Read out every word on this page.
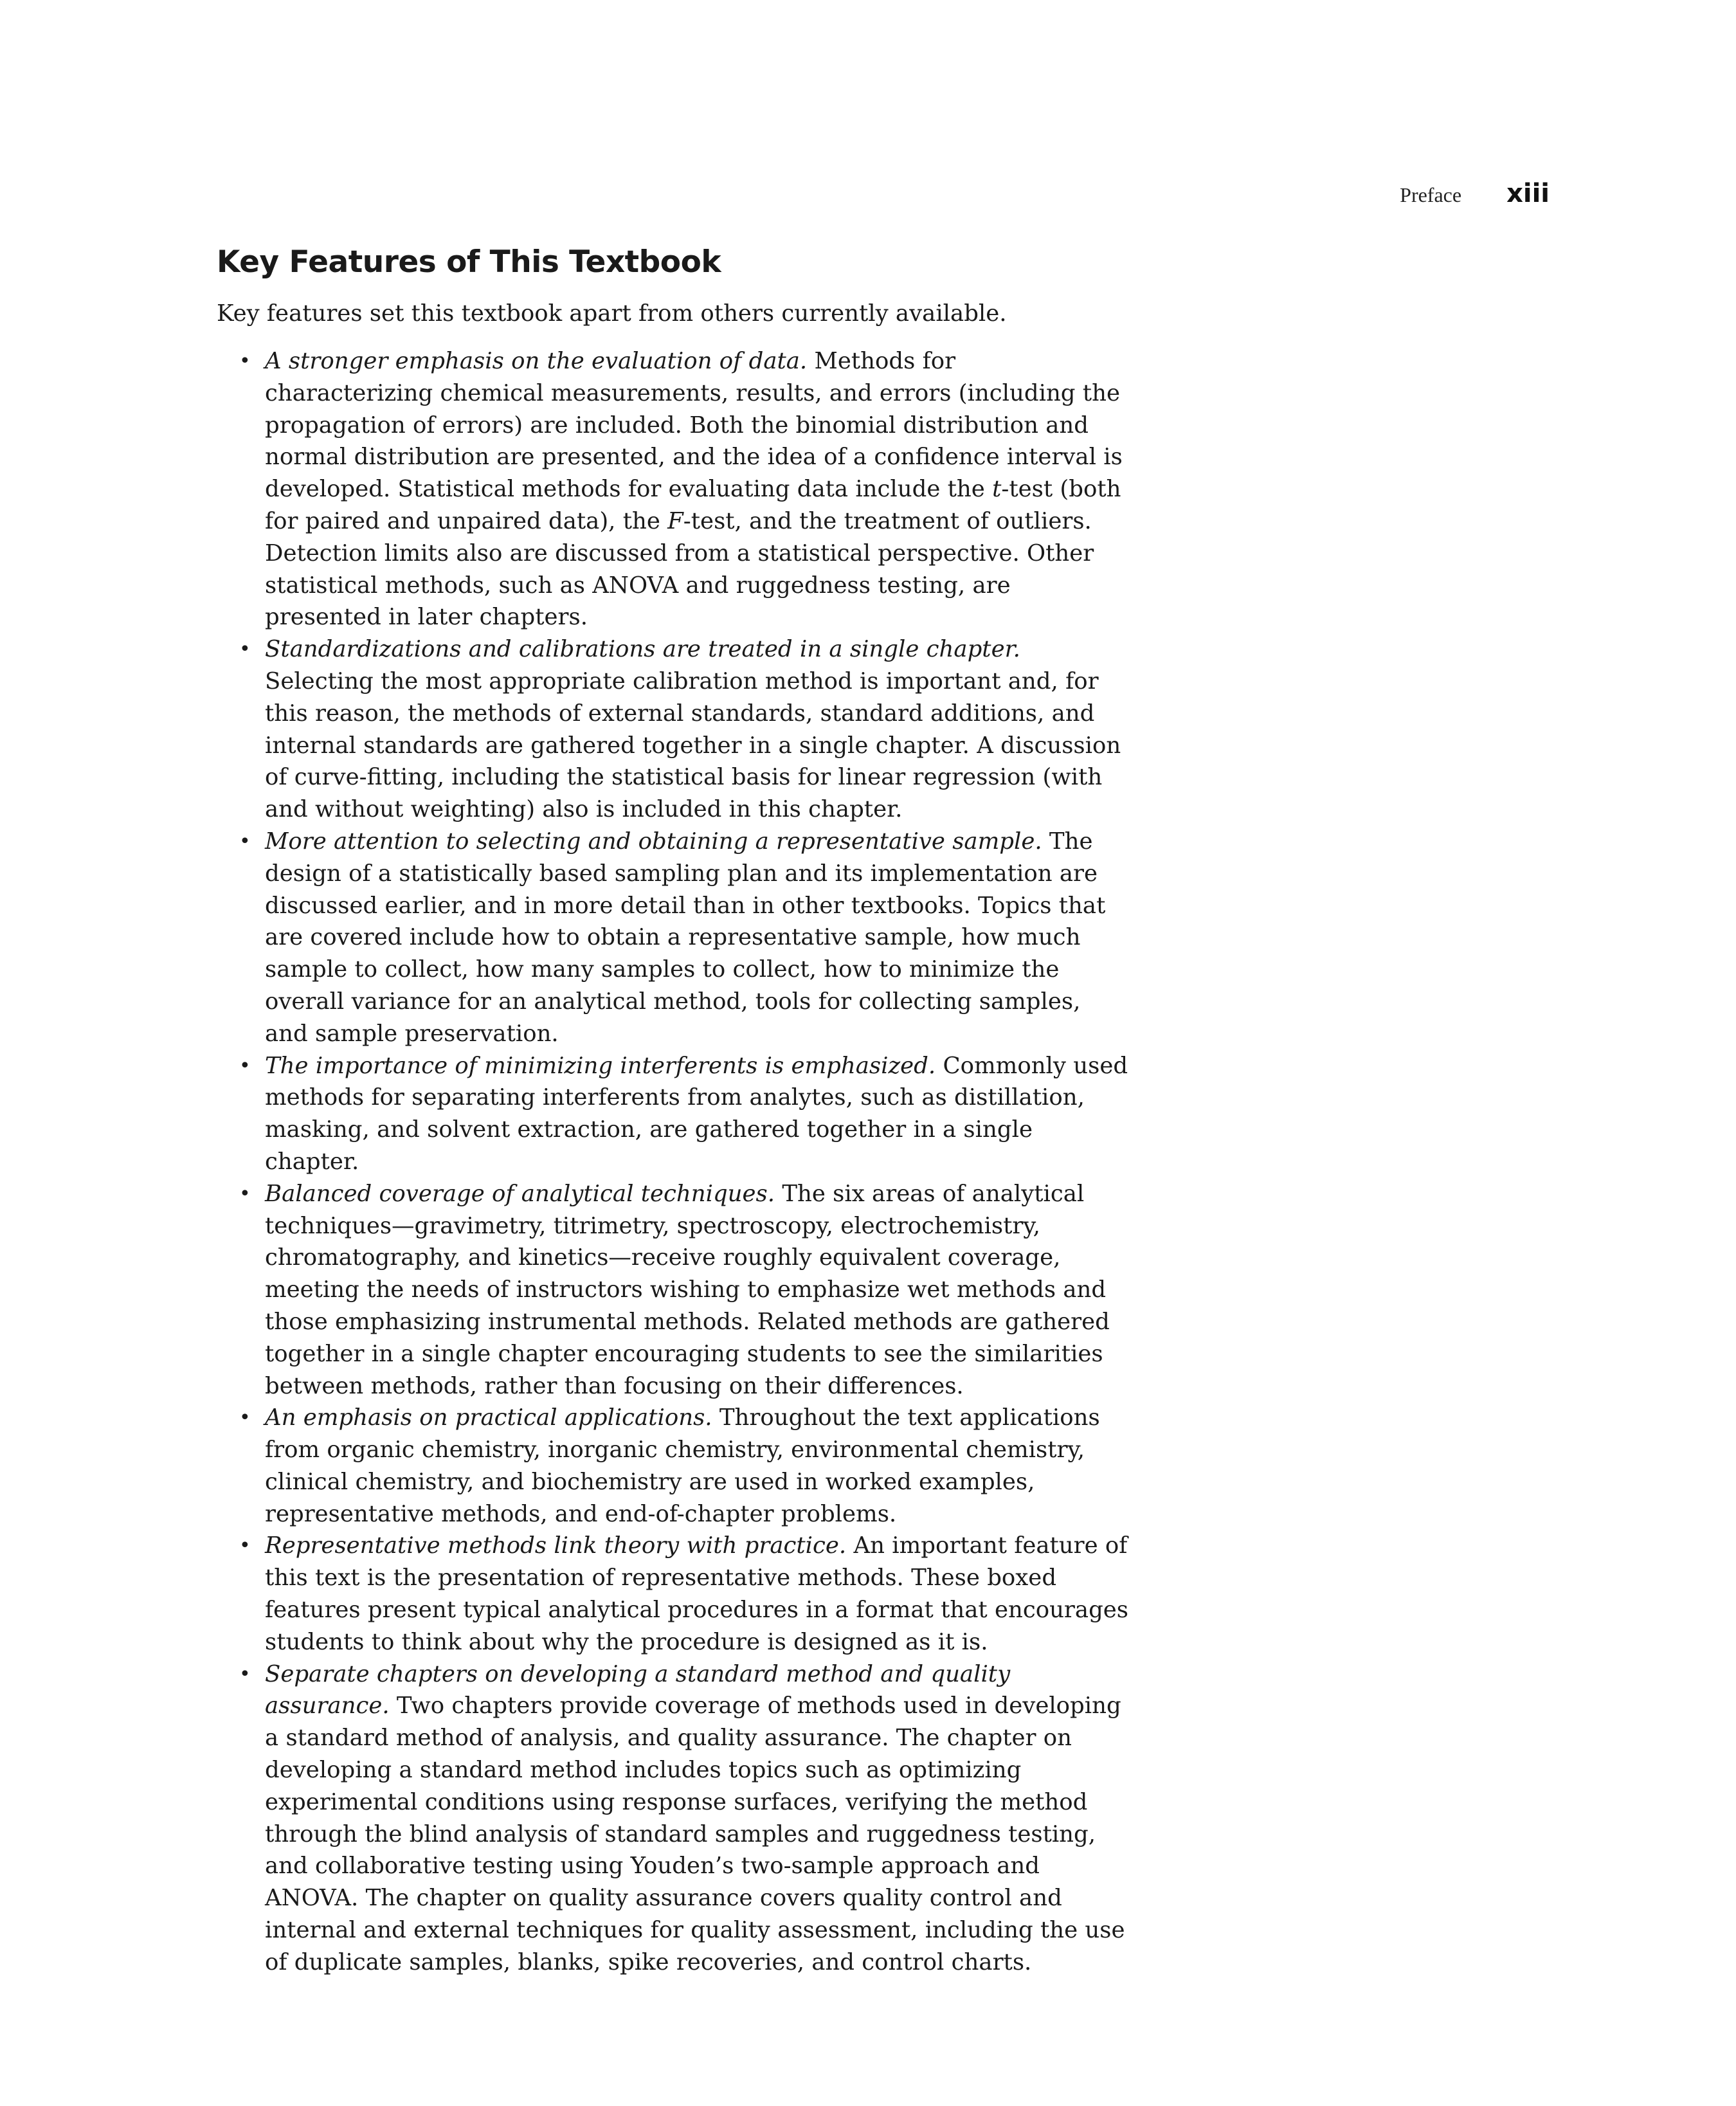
Preface xiii
Key Features of This Textbook

Key features set this textbook apart from others currently available.

• A stronger emphasis on the evaluation of data. Methods for characterizing chemical measurements, results, and errors (including the propagation of errors) are included. Both the binomial distribution and normal distribution are presented, and the idea of a confidence interval is developed. Statistical methods for evaluating data include the t-test (both for paired and unpaired data), the F-test, and the treatment of outliers. Detection limits also are discussed from a statistical perspective. Other statistical methods, such as ANOVA and ruggedness testing, are presented in later chapters.
• Standardizations and calibrations are treated in a single chapter. Selecting the most appropriate calibration method is important and, for this reason, the methods of external standards, standard additions, and internal standards are gathered together in a single chapter. A discussion of curve-fitting, including the statistical basis for linear regression (with and without weighting) also is included in this chapter.
• More attention to selecting and obtaining a representative sample. The design of a statistically based sampling plan and its implementation are discussed earlier, and in more detail than in other textbooks. Topics that are covered include how to obtain a representative sample, how much sample to collect, how many samples to collect, how to minimize the overall variance for an analytical method, tools for collecting samples, and sample preservation.
• The importance of minimizing interferents is emphasized. Commonly used methods for separating interferents from analytes, such as distillation, masking, and solvent extraction, are gathered together in a single chapter.
• Balanced coverage of analytical techniques. The six areas of analytical techniques—gravimetry, titrimetry, spectroscopy, electrochemistry, chromatography, and kinetics—receive roughly equivalent coverage, meeting the needs of instructors wishing to emphasize wet methods and those emphasizing instrumental methods. Related methods are gathered together in a single chapter encouraging students to see the similarities between methods, rather than focusing on their differences.
• An emphasis on practical applications. Throughout the text applications from organic chemistry, inorganic chemistry, environmental chemistry, clinical chemistry, and biochemistry are used in worked examples, representative methods, and end-of-chapter problems.
• Representative methods link theory with practice. An important feature of this text is the presentation of representative methods. These boxed features present typical analytical procedures in a format that encourages students to think about why the procedure is designed as it is.
• Separate chapters on developing a standard method and quality assurance. Two chapters provide coverage of methods used in developing a standard method of analysis, and quality assurance. The chapter on developing a standard method includes topics such as optimizing experimental conditions using response surfaces, verifying the method through the blind analysis of standard samples and ruggedness testing, and collaborative testing using Youden’s two-sample approach and ANOVA. The chapter on quality assurance covers quality control and internal and external techniques for quality assessment, including the use of duplicate samples, blanks, spike recoveries, and control charts.
